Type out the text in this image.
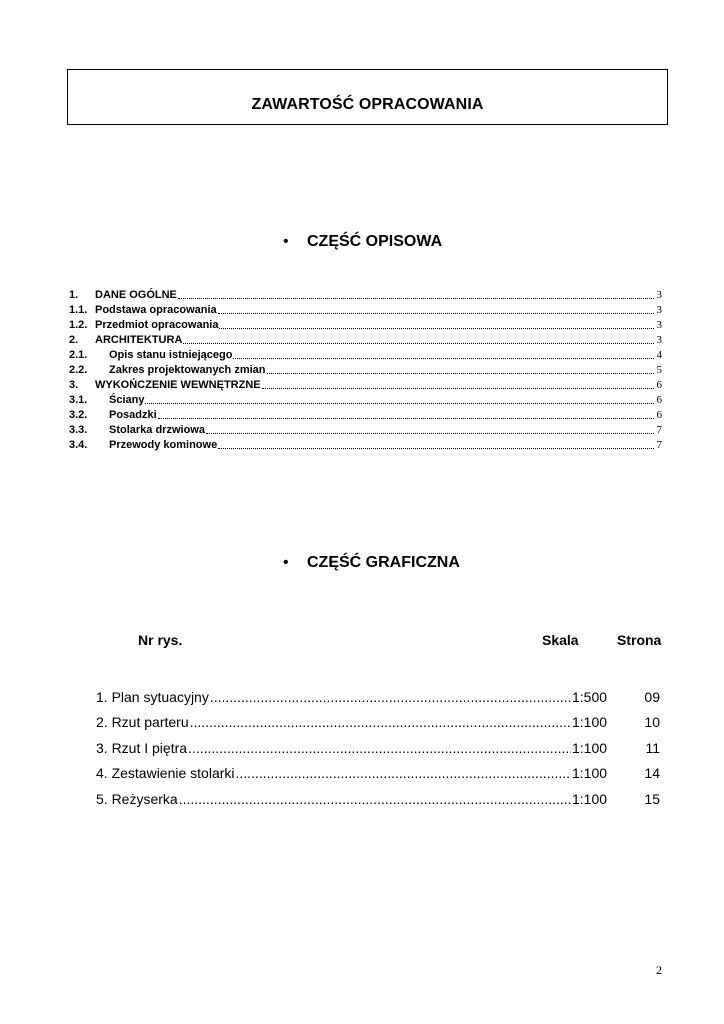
ZAWARTOŚĆ OPRACOWANIA
•	CZĘŚĆ OPISOWA
1.	DANE OGÓLNE	3
1.1. Podstawa opracowania	3
1.2. Przedmiot opracowania	3
2.	ARCHITEKTURA	3
2.1.	Opis stanu istniejącego	4
2.2.	Zakres projektowanych zmian	5
3.	WYKOŃCZENIE WEWNĘTRZNE	6
3.1.	Ściany	6
3.2.	Posadzki	6
3.3.	Stolarka drzwiowa	7
3.4.	Przewody kominowe	7
•	CZĘŚĆ GRAFICZNA
Nr rys.	Skala	Strona
1. Plan sytuacyjny .....	1:500	09
2. Rzut parteru .....	1:100	10
3. Rzut I piętra .....	1:100	11
4. Zestawienie stolarki .....	1:100	14
5. Reżyserka .....	1:100	15
2
